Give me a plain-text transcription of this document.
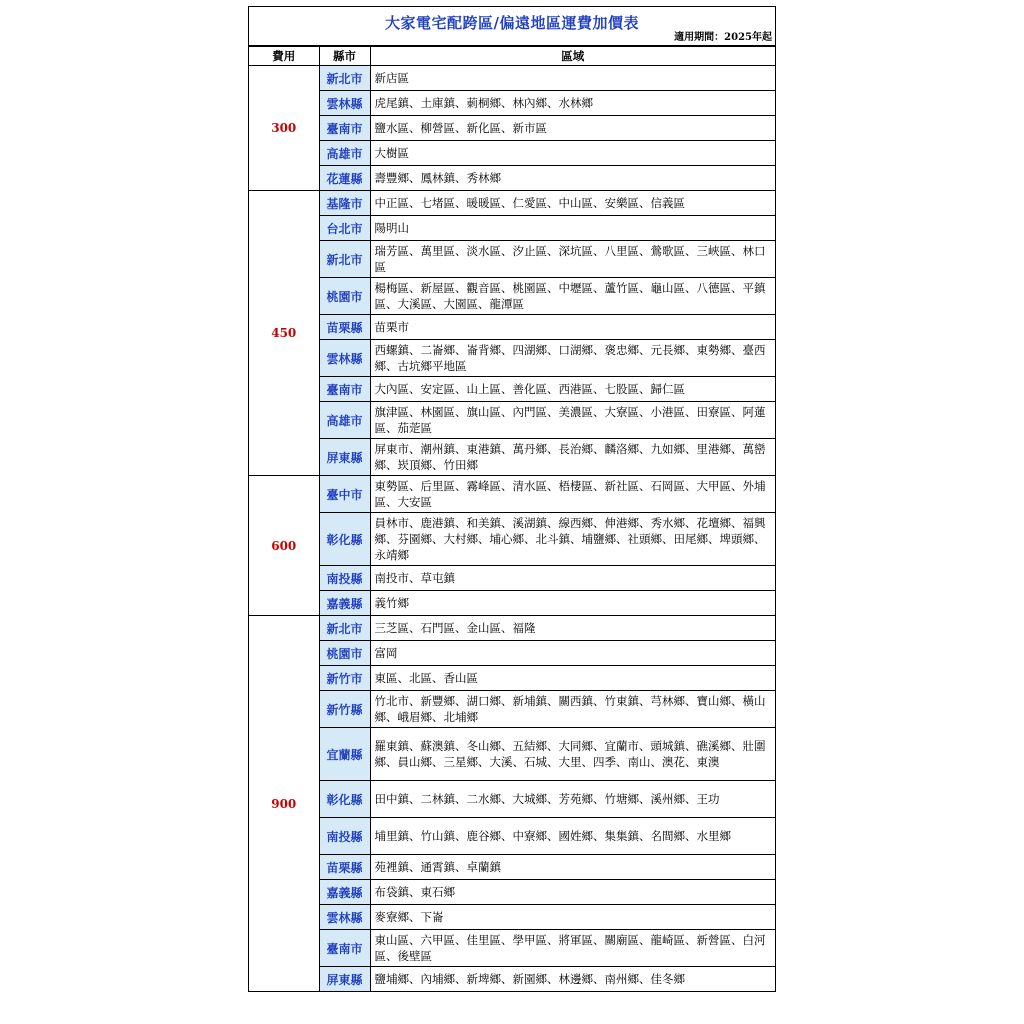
大家電宅配跨區/偏遠地區運費加價表
適用期間：2025年起
費用	縣市	區域
300	新北市	新店區
	雲林縣	虎尾鎮、土庫鎮、莿桐鄉、林內鄉、水林鄉
	臺南市	鹽水區、柳營區、新化區、新市區
	高雄市	大樹區
	花蓮縣	壽豐鄉、鳳林鎮、秀林鄉
450	基隆市	中正區、七堵區、暖暖區、仁愛區、中山區、安樂區、信義區
	台北市	陽明山
	新北市	瑞芳區、萬里區、淡水區、汐止區、深坑區、八里區、鶯歌區、三峽區、林口區
	桃園市	楊梅區、新屋區、觀音區、桃園區、中壢區、蘆竹區、龜山區、八德區、平鎮區、大溪區、大園區、龍潭區
	苗栗縣	苗栗市
	雲林縣	西螺鎮、二崙鄉、崙背鄉、四湖鄉、口湖鄉、褒忠鄉、元長鄉、東勢鄉、臺西鄉、古坑鄉平地區
	臺南市	大內區、安定區、山上區、善化區、西港區、七股區、歸仁區
	高雄市	旗津區、林園區、旗山區、內門區、美濃區、大寮區、小港區、田寮區、阿蓮區、茄萣區
	屏東縣	屏東市、潮州鎮、東港鎮、萬丹鄉、長治鄉、麟洛鄉、九如鄉、里港鄉、萬巒鄉、崁頂鄉、竹田鄉
600	臺中市	東勢區、后里區、霧峰區、清水區、梧棲區、新社區、石岡區、大甲區、外埔區、大安區
	彰化縣	員林市、鹿港鎮、和美鎮、溪湖鎮、線西鄉、伸港鄉、秀水鄉、花壇鄉、福興鄉、芬園鄉、大村鄉、埔心鄉、北斗鎮、埔鹽鄉、社頭鄉、田尾鄉、埤頭鄉、永靖鄉
	南投縣	南投市、草屯鎮
	嘉義縣	義竹鄉
900	新北市	三芝區、石門區、金山區、福隆
	桃園市	富岡
	新竹市	東區、北區、香山區
	新竹縣	竹北市、新豐鄉、湖口鄉、新埔鎮、關西鎮、竹東鎮、芎林鄉、寶山鄉、橫山鄉、峨眉鄉、北埔鄉
	宜蘭縣	羅東鎮、蘇澳鎮、冬山鄉、五結鄉、大同鄉、宜蘭市、頭城鎮、礁溪鄉、壯圍鄉、員山鄉、三星鄉、大溪、石城、大里、四季、南山、澳花、東澳
	彰化縣	田中鎮、二林鎮、二水鄉、大城鄉、芳苑鄉、竹塘鄉、溪州鄉、王功
	南投縣	埔里鎮、竹山鎮、鹿谷鄉、中寮鄉、國姓鄉、集集鎮、名間鄉、水里鄉
	苗栗縣	苑裡鎮、通霄鎮、卓蘭鎮
	嘉義縣	布袋鎮、東石鄉
	雲林縣	麥寮鄉、下崙
	臺南市	東山區、六甲區、佳里區、學甲區、將軍區、關廟區、龍崎區、新營區、白河區、後壁區
	屏東縣	鹽埔鄉、內埔鄉、新埤鄉、新園鄉、林邊鄉、南州鄉、佳冬鄉
